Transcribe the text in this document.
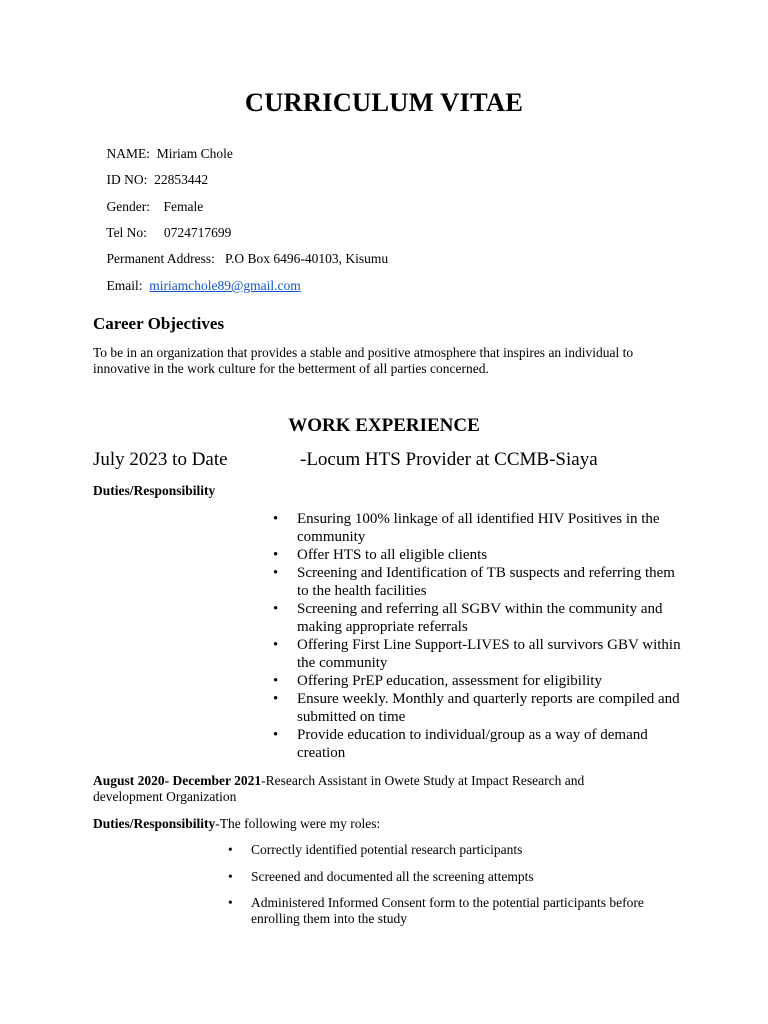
CURRICULUM VITAE

NAME: Miriam Chole

ID NO: 22853442

Gender: Female

Tel No: 0724717699

Permanent Address: P.O Box 6496-40103, Kisumu

Email: miriamchole89@gmail.com

Career Objectives
To be in an organization that provides a stable and positive atmosphere that inspires an individual to innovative in the work culture for the betterment of all parties concerned.
WORK EXPERIENCE
July 2023 to Date	-Locum HTS Provider at CCMB-Siaya
Duties/Responsibility
• Ensuring 100% linkage of all identified HIV Positives in the community
• Offer HTS to all eligible clients
• Screening and Identification of TB suspects and referring them to the health facilities
• Screening and referring all SGBV within the community and making appropriate referrals
• Offering First Line Support-LIVES to all survivors GBV within the community
• Offering PrEP education, assessment for eligibility
• Ensure weekly. Monthly and quarterly reports are compiled and submitted on time
• Provide education to individual/group as a way of demand creation
August 2020- December 2021-Research Assistant in Owete Study at Impact Research and development Organization
Duties/Responsibility-The following were my roles:
• Correctly identified potential research participants
• Screened and documented all the screening attempts
• Administered Informed Consent form to the potential participants before enrolling them into the study
